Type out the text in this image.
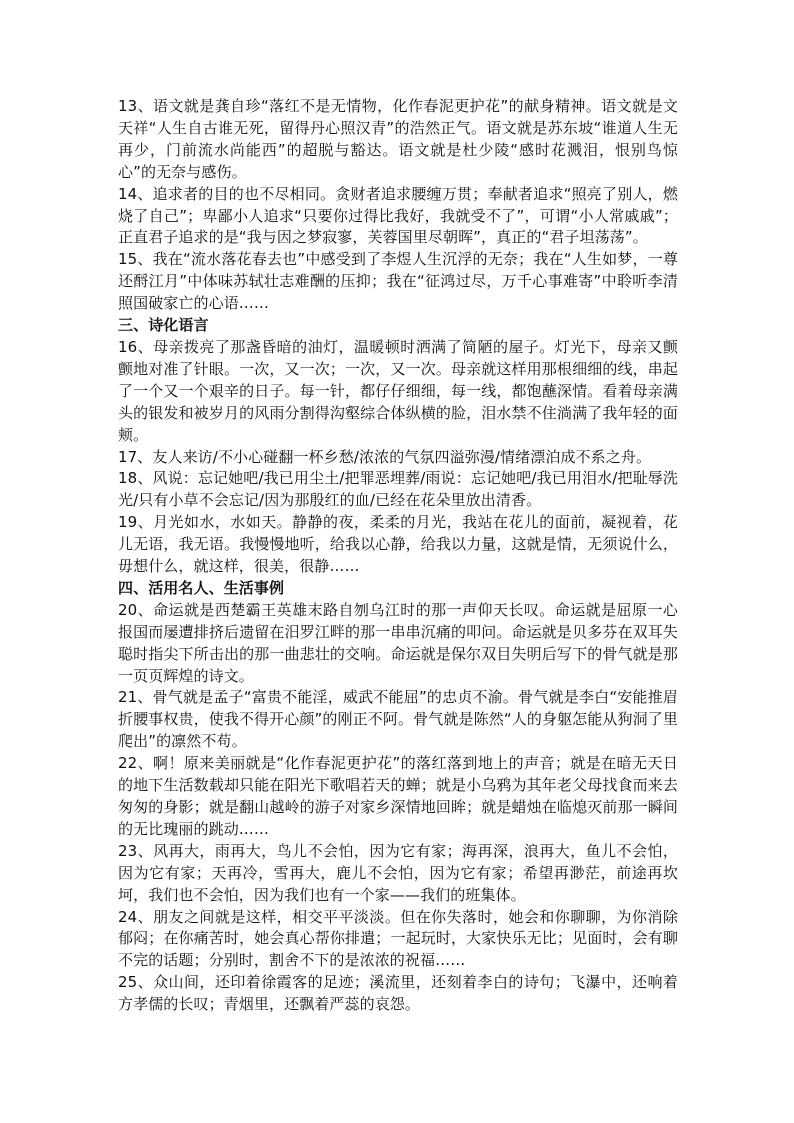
13、语文就是龚自珍“落红不是无情物，化作春泥更护花”的献身精神。语文就是文天祥“人生自古谁无死，留得丹心照汉青”的浩然正气。语文就是苏东坡“谁道人生无再少，门前流水尚能西”的超脱与豁达。语文就是杜少陵“感时花溅泪，恨别鸟惊心”的无奈与感伤。

14、追求者的目的也不尽相同。贪财者追求腰缠万贯；奉献者追求“照亮了别人，燃烧了自己”；卑鄙小人追求“只要你过得比我好，我就受不了”，可谓“小人常戚戚”；正直君子追求的是“我与因之梦寂寥，芙蓉国里尽朝晖”，真正的“君子坦荡荡”。

15、我在“流水落花春去也”中感受到了李煜人生沉浮的无奈；我在“人生如梦，一尊还酹江月”中体味苏轼壮志难酬的压抑；我在“征鸿过尽，万千心事难寄”中聆听李清照国破家亡的心语……

三、诗化语言

16、母亲拨亮了那盏昏暗的油灯，温暖顿时洒满了简陋的屋子。灯光下，母亲又颤颤地对准了针眼。一次，又一次；一次，又一次。母亲就这样用那根细细的线，串起了一个又一个艰辛的日子。每一针，都仔仔细细，每一线，都饱蘸深情。看着母亲满头的银发和被岁月的风雨分割得沟壑综合体纵横的脸，泪水禁不住淌满了我年轻的面颊。

17、友人来访/不小心碰翻一杯乡愁/浓浓的气氛四溢弥漫/情绪漂泊成不系之舟。

18、风说：忘记她吧/我已用尘土/把罪恶埋葬/雨说：忘记她吧/我已用泪水/把耻辱洗光/只有小草不会忘记/因为那殷红的血/已经在花朵里放出清香。

19、月光如水，水如天。静静的夜，柔柔的月光，我站在花儿的面前，凝视着，花儿无语，我无语。我慢慢地听，给我以心静，给我以力量，这就是情，无须说什么，毋想什么，就这样，很美，很静……

四、活用名人、生活事例

20、命运就是西楚霸王英雄末路自刎乌江时的那一声仰天长叹。命运就是屈原一心报国而屡遭排挤后遗留在汨罗江畔的那一串串沉痛的叩问。命运就是贝多芬在双耳失聪时指尖下所击出的那一曲悲壮的交响。命运就是保尔双目失明后写下的骨气就是那一页页辉煌的诗文。

21、骨气就是孟子“富贵不能淫，威武不能屈”的忠贞不渝。骨气就是李白“安能推眉折腰事权贵，使我不得开心颜”的刚正不阿。骨气就是陈然“人的身躯怎能从狗洞了里爬出”的凛然不苟。

22、啊！原来美丽就是“化作春泥更护花”的落红落到地上的声音；就是在暗无天日的地下生活数载却只能在阳光下歌唱若天的蝉；就是小乌鸦为其年老父母找食而来去匆匆的身影；就是翻山越岭的游子对家乡深情地回眸；就是蜡烛在临熄灭前那一瞬间的无比瑰丽的跳动……

23、风再大，雨再大，鸟儿不会怕，因为它有家；海再深，浪再大，鱼儿不会怕，因为它有家；天再冷，雪再大，鹿儿不会怕，因为它有家；希望再渺茫，前途再坎坷，我们也不会怕，因为我们也有一个家——我们的班集体。

24、朋友之间就是这样，相交平平淡淡。但在你失落时，她会和你聊聊，为你消除郁闷；在你痛苦时，她会真心帮你排遣；一起玩时，大家快乐无比；见面时，会有聊不完的话题；分别时，割舍不下的是浓浓的祝福……

25、众山间，还印着徐霞客的足迹；溪流里，还刻着李白的诗句；飞瀑中，还响着方孝儒的长叹；青烟里，还飘着严蕊的哀怨。
